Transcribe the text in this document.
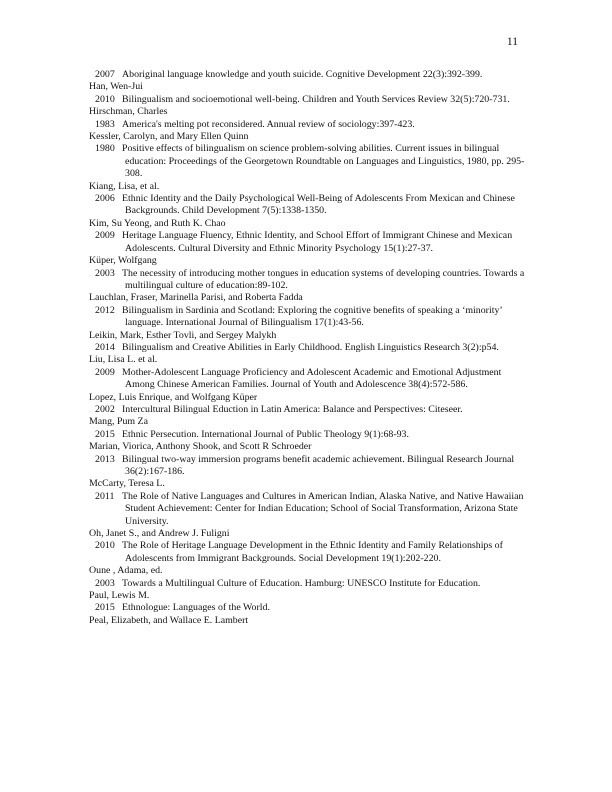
11
2007 Aboriginal language knowledge and youth suicide. Cognitive Development 22(3):392-399.
Han, Wen-Jui
2010 Bilingualism and socioemotional well-being. Children and Youth Services Review 32(5):720-731.
Hirschman, Charles
1983 America's melting pot reconsidered. Annual review of sociology:397-423.
Kessler, Carolyn, and Mary Ellen Quinn
1980 Positive effects of bilingualism on science problem-solving abilities. Current issues in bilingual education: Proceedings of the Georgetown Roundtable on Languages and Linguistics, 1980, pp. 295-308.
Kiang, Lisa, et al.
2006 Ethnic Identity and the Daily Psychological Well-Being of Adolescents From Mexican and Chinese Backgrounds. Child Development 7(5):1338-1350.
Kim, Su Yeong, and Ruth K. Chao
2009 Heritage Language Fluency, Ethnic Identity, and School Effort of Immigrant Chinese and Mexican Adolescents. Cultural Diversity and Ethnic Minority Psychology 15(1):27-37.
Küper, Wolfgang
2003 The necessity of introducing mother tongues in education systems of developing countries. Towards a multilingual culture of education:89-102.
Lauchlan, Fraser, Marinella Parisi, and Roberta Fadda
2012 Bilingualism in Sardinia and Scotland: Exploring the cognitive benefits of speaking a ‘minority’ language. International Journal of Bilingualism 17(1):43-56.
Leikin, Mark, Esther Tovli, and Sergey Malykh
2014 Bilingualism and Creative Abilities in Early Childhood. English Linguistics Research 3(2):p54.
Liu, Lisa L. et al.
2009 Mother-Adolescent Language Proficiency and Adolescent Academic and Emotional Adjustment Among Chinese American Families. Journal of Youth and Adolescence 38(4):572-586.
Lopez, Luis Enrique, and Wolfgang Küper
2002 Intercultural Bilingual Eduction in Latin America: Balance and Perspectives: Citeseer.
Mang, Pum Za
2015 Ethnic Persecution. International Journal of Public Theology 9(1):68-93.
Marian, Viorica, Anthony Shook, and Scott R Schroeder
2013 Bilingual two-way immersion programs benefit academic achievement. Bilingual Research Journal 36(2):167-186.
McCarty, Teresa L.
2011 The Role of Native Languages and Cultures in American Indian, Alaska Native, and Native Hawaiian Student Achievement: Center for Indian Education; School of Social Transformation, Arizona State University.
Oh, Janet S., and Andrew J. Fuligni
2010 The Role of Heritage Language Development in the Ethnic Identity and Family Relationships of Adolescents from Immigrant Backgrounds. Social Development 19(1):202-220.
Oune , Adama, ed.
2003 Towards a Multilingual Culture of Education. Hamburg: UNESCO Institute for Education.
Paul, Lewis M.
2015 Ethnologue: Languages of the World.
Peal, Elizabeth, and Wallace E. Lambert
